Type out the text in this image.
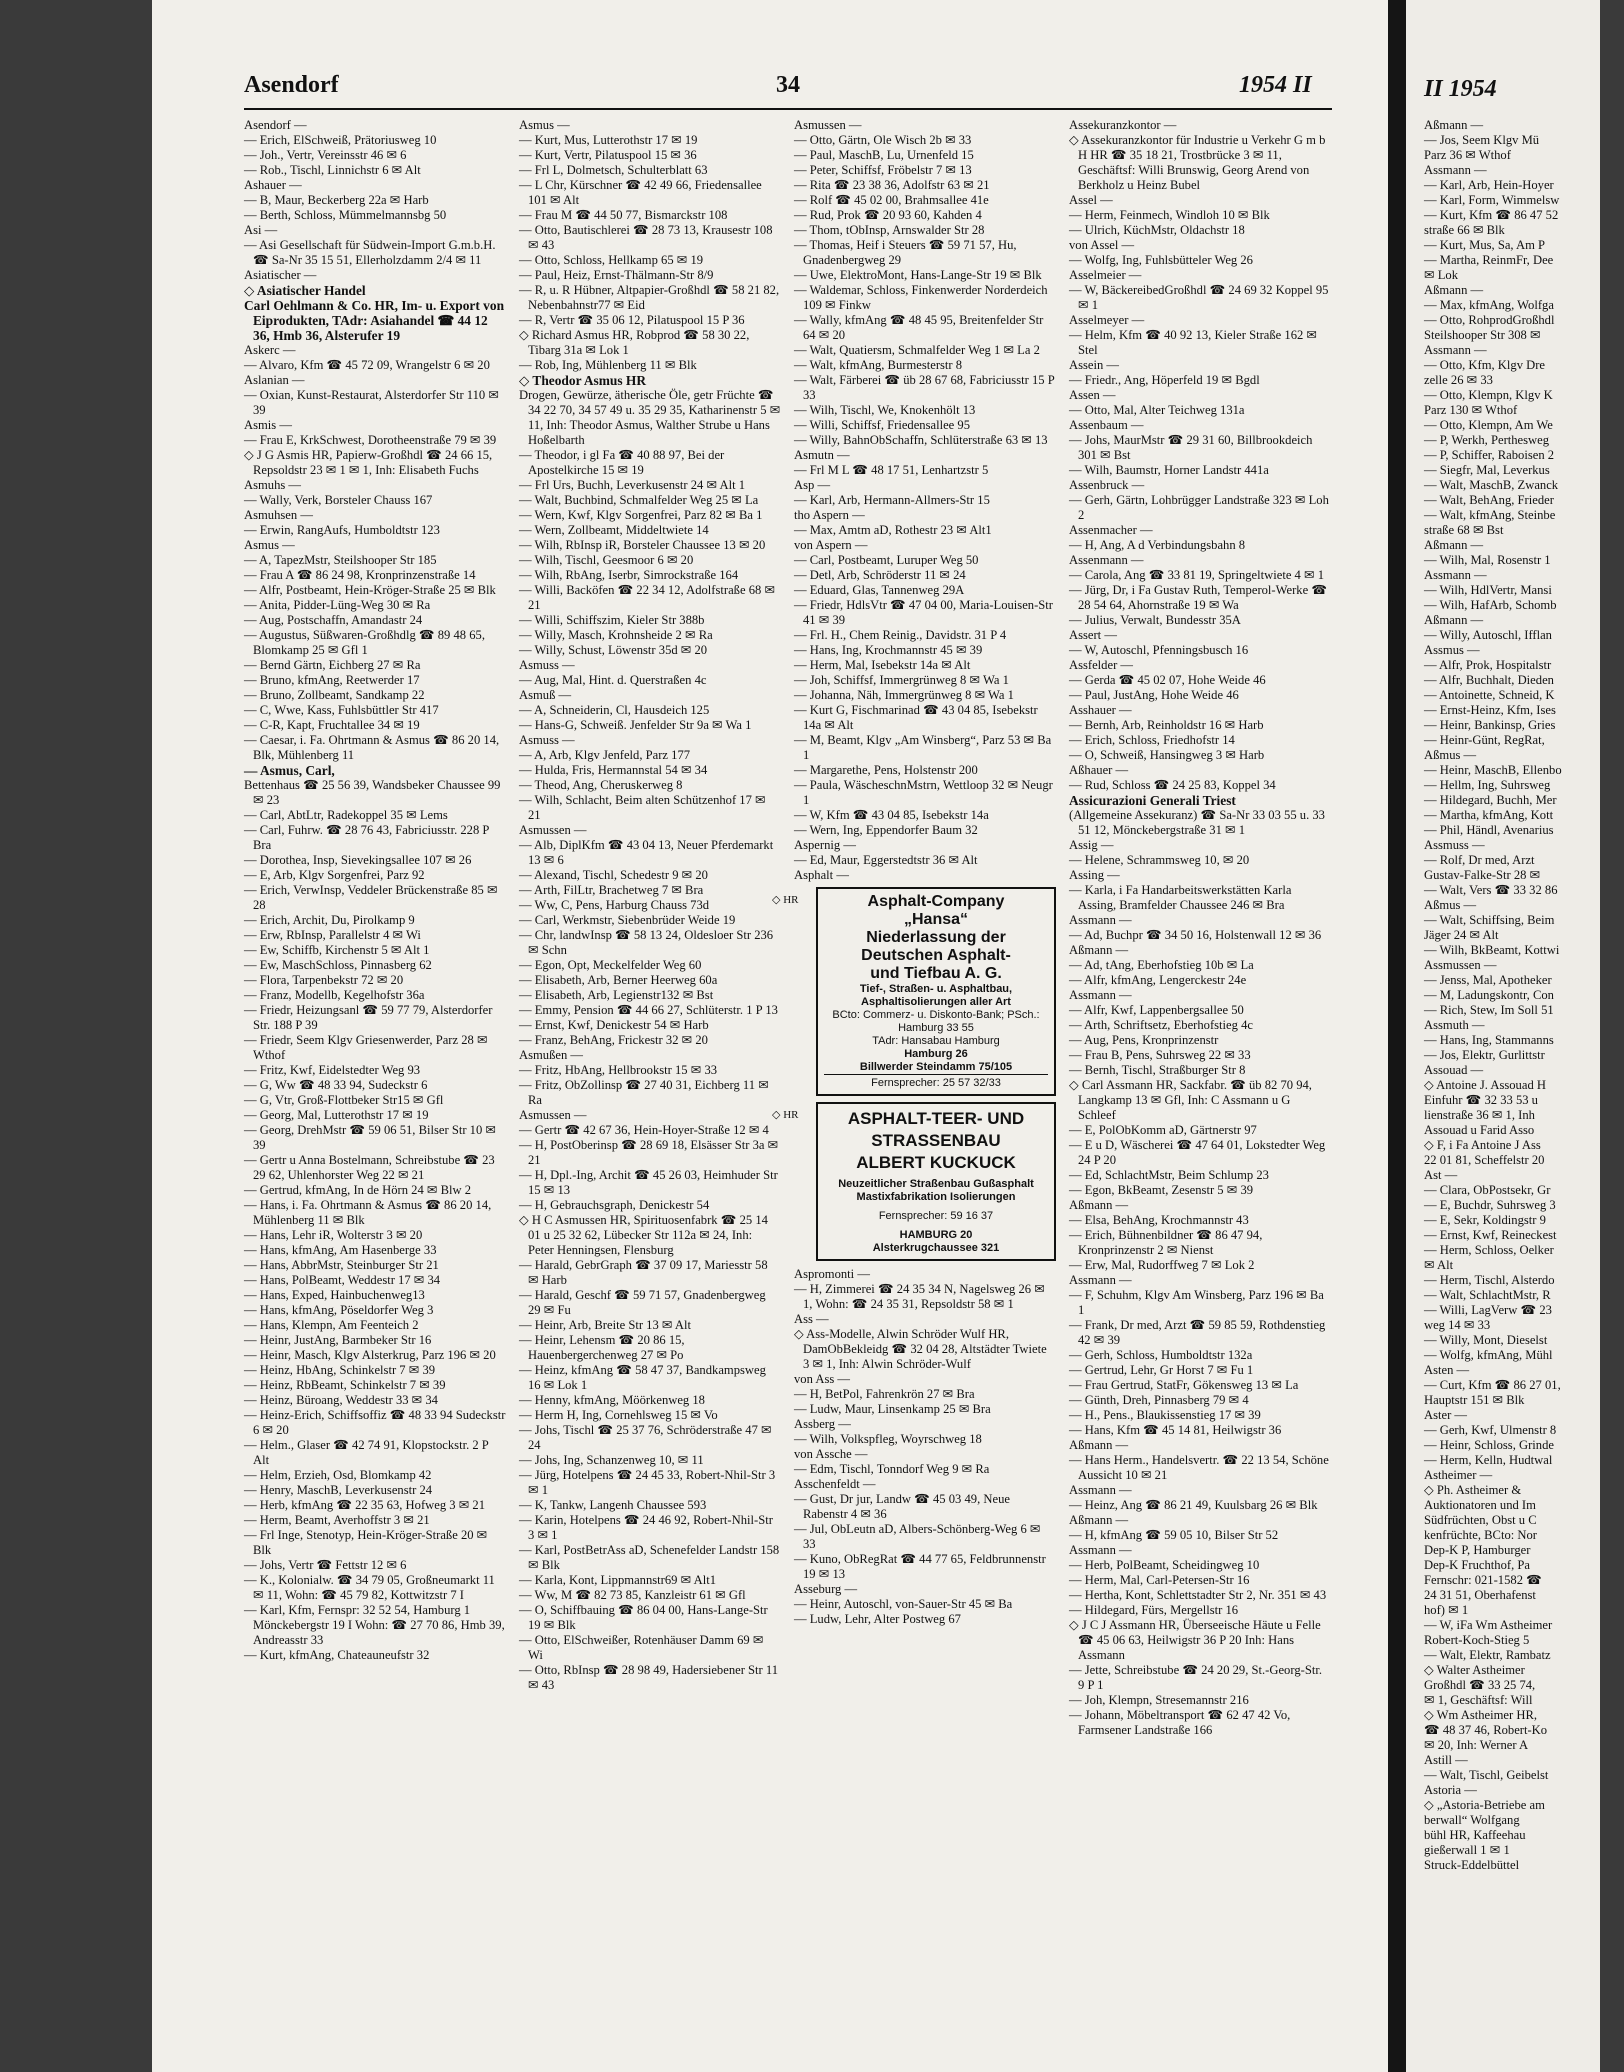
Asendorf	34	1954 II

Asendorf —

— Erich, ElSchweiß, Prätoriusweg 10

— Joh., Vertr, Vereinsstr 46 ✉ 6

— Rob., Tischl, Linnichstr 6 ✉ Alt

Ashauer —

— B, Maur, Beckerberg 22a ✉ Harb

— Berth, Schloss, Mümmelmannsbg 50

Asi —

— Asi Gesellschaft für Südwein-Import G.m.b.H. ☎ Sa-Nr 35 15 51, Ellerholzdamm 2/4 ✉ 11

Asiatischer —

◇ Asiatischer Handel

Carl Oehlmann & Co. HR, Im- u. Export von Eiprodukten, TAdr: Asiahandel ☎ 44 12 36, Hmb 36, Alsterufer 19

Askerc —

— Alvaro, Kfm ☎ 45 72 09, Wrangelstr 6 ✉ 20

Aslanian —

— Oxian, Kunst-Restaurat, Alsterdorfer Str 110 ✉ 39

Asmis —

— Frau E, KrkSchwest, Dorotheenstraße 79 ✉ 39

◇ J G Asmis HR, Papierw-Großhdl ☎ 24 66 15, Repsoldstr 23 ✉ 1 ✉ 1, Inh: Elisabeth Fuchs

Asmuhs —

— Wally, Verk, Borsteler Chauss 167

Asmuhsen —

— Erwin, RangAufs, Humboldtstr 123

Asmus —

— A, TapezMstr, Steilshooper Str 185

— Frau A ☎ 86 24 98, Kronprinzenstraße 14

— Alfr, Postbeamt, Hein-Kröger-Straße 25 ✉ Blk

— Anita, Pidder-Lüng-Weg 30 ✉ Ra

— Aug, Postschaffn, Amandastr 24

— Augustus, Süßwaren-Großhdlg ☎ 89 48 65, Blomkamp 25 ✉ Gfl 1

— Bernd Gärtn, Eichberg 27 ✉ Ra

— Bruno, kfmAng, Reetwerder 17

— Bruno, Zollbeamt, Sandkamp 22

— C, Wwe, Kass, Fuhlsbüttler Str 417

— C-R, Kapt, Fruchtallee 34 ✉ 19

— Caesar, i. Fa. Ohrtmann & Asmus ☎ 86 20 14, Blk, Mühlenberg 11

— Asmus, Carl,

Bettenhaus ☎ 25 56 39, Wandsbeker Chaussee 99 ✉ 23

— Carl, AbtLtr, Radekoppel 35 ✉ Lems

— Carl, Fuhrw. ☎ 28 76 43, Fabriciusstr. 228 P Bra

— Dorothea, Insp, Sievekingsallee 107 ✉ 26

— E, Arb, Klgv Sorgenfrei, Parz 92

— Erich, VerwInsp, Veddeler Brückenstraße 85 ✉ 28

— Erich, Archit, Du, Pirolkamp 9

— Erw, RbInsp, Parallelstr 4 ✉ Wi

— Ew, Schiffb, Kirchenstr 5 ✉ Alt 1

— Ew, MaschSchloss, Pinnasberg 62

— Flora, Tarpenbekstr 72 ✉ 20

— Franz, Modellb, Kegelhofstr 36a

— Friedr, Heizungsanl ☎ 59 77 79, Alsterdorfer Str. 188 P 39

— Friedr, Seem Klgv Griesenwerder, Parz 28 ✉ Wthof

— Fritz, Kwf, Eidelstedter Weg 93

— G, Ww ☎ 48 33 94, Sudeckstr 6

— G, Vtr, Groß-Flottbeker Str15 ✉ Gfl

— Georg, Mal, Lutterothstr 17 ✉ 19

— Georg, DrehMstr ☎ 59 06 51, Bilser Str 10 ✉ 39

— Gertr u Anna Bostelmann, Schreibstube ☎ 23 29 62, Uhlenhorster Weg 22 ✉ 21

— Gertrud, kfmAng, In de Hörn 24 ✉ Blw 2

— Hans, i. Fa. Ohrtmann & Asmus ☎ 86 20 14, Mühlenberg 11 ✉ Blk

— Hans, Lehr iR, Wolterstr 3 ✉ 20

— Hans, kfmAng, Am Hasenberge 33

— Hans, AbbrMstr, Steinburger Str 21

— Hans, PolBeamt, Weddestr 17 ✉ 34

— Hans, Exped, Hainbuchenweg13

— Hans, kfmAng, Pöseldorfer Weg 3

— Hans, Klempn, Am Feenteich 2

— Heinr, JustAng, Barmbeker Str 16

— Heinr, Masch, Klgv Alsterkrug, Parz 196 ✉ 20

— Heinz, HbAng, Schinkelstr 7 ✉ 39

— Heinz, RbBeamt, Schinkelstr 7 ✉ 39

— Heinz, Büroang, Weddestr 33 ✉ 34

— Heinz-Erich, Schiffsoffiz ☎ 48 33 94 Sudeckstr 6 ✉ 20

— Helm., Glaser ☎ 42 74 91, Klopstockstr. 2 P Alt

— Helm, Erzieh, Osd, Blomkamp 42

— Henry, MaschB, Leverkusenstr 24

— Herb, kfmAng ☎ 22 35 63, Hofweg 3 ✉ 21

— Herm, Beamt, Averhoffstr 3 ✉ 21

— Frl Inge, Stenotyp, Hein-Kröger-Straße 20 ✉ Blk

— Johs, Vertr ☎ Fettstr 12 ✉ 6

— K., Kolonialw. ☎ 34 79 05, Großneumarkt 11 ✉ 11, Wohn: ☎ 45 79 82, Kottwitzstr 7 I

— Karl, Kfm, Fernspr: 32 52 54, Hamburg 1 Mönckebergstr 19 I Wohn: ☎ 27 70 86, Hmb 39, Andreasstr 33

— Kurt, kfmAng, Chateauneufstr 32

Asmus —

— Kurt, Mus, Lutterothstr 17 ✉ 19

— Kurt, Vertr, Pilatuspool 15 ✉ 36

— Frl L, Dolmetsch, Schulterblatt 63

— L Chr, Kürschner ☎ 42 49 66, Friedensallee 101 ✉ Alt

— Frau M ☎ 44 50 77, Bismarckstr 108

— Otto, Bautischlerei ☎ 28 73 13, Krausestr 108 ✉ 43

— Otto, Schloss, Hellkamp 65 ✉ 19

— Paul, Heiz, Ernst-Thälmann-Str 8/9

— R, u. R Hübner, Altpapier-Großhdl ☎ 58 21 82, Nebenbahnstr77 ✉ Eid

— R, Vertr ☎ 35 06 12, Pilatuspool 15 P 36

◇ Richard Asmus HR, Robprod ☎ 58 30 22, Tibarg 31a ✉ Lok 1

— Rob, Ing, Mühlenberg 11 ✉ Blk

◇ Theodor Asmus HR

Drogen, Gewürze, ätherische Öle, getr Früchte ☎ 34 22 70, 34 57 49 u. 35 29 35, Katharinenstr 5 ✉ 11, Inh: Theodor Asmus, Walther Strube u Hans Hoßelbarth

— Theodor, i gl Fa ☎ 40 88 97, Bei der Apostelkirche 15 ✉ 19

— Frl Urs, Buchh, Leverkusenstr 24 ✉ Alt 1

— Walt, Buchbind, Schmalfelder Weg 25 ✉ La

— Wern, Kwf, Klgv Sorgenfrei, Parz 82 ✉ Ba 1

— Wern, Zollbeamt, Middeltwiete 14

— Wilh, RbInsp iR, Borsteler Chaussee 13 ✉ 20

— Wilh, Tischl, Geesmoor 6 ✉ 20

— Wilh, RbAng, Iserbr, Simrockstraße 164

— Willi, Backöfen ☎ 22 34 12, Adolfstraße 68 ✉ 21

— Willi, Schiffszim, Kieler Str 388b

— Willy, Masch, Krohnsheide 2 ✉ Ra

— Willy, Schust, Löwenstr 35d ✉ 20

Asmuss —

— Aug, Mal, Hint. d. Querstraßen 4c

Asmuß —

— A, Schneiderin, Cl, Hausdeich 125

— Hans-G, Schweiß. Jenfelder Str 9a ✉ Wa 1

Asmuss —

— A, Arb, Klgv Jenfeld, Parz 177

— Hulda, Fris, Hermannstal 54 ✉ 34

— Theod, Ang, Cheruskerweg 8

— Wilh, Schlacht, Beim alten Schützenhof 17 ✉ 21

Asmussen —

— Alb, DiplKfm ☎ 43 04 13, Neuer Pferdemarkt 13 ✉ 6

— Alexand, Tischl, Schedestr 9 ✉ 20

— Arth, FilLtr, Brachetweg 7 ✉ Bra

— Ww, C, Pens, Harburg Chauss 73d

— Carl, Werkmstr, Siebenbrüder Weide 19

— Chr, landwInsp ☎ 58 13 24, Oldesloer Str 236 ✉ Schn

— Egon, Opt, Meckelfelder Weg 60

— Elisabeth, Arb, Berner Heerweg 60a

— Elisabeth, Arb, Legienstr132 ✉ Bst

— Emmy, Pension ☎ 44 66 27, Schlüterstr. 1 P 13

— Ernst, Kwf, Denickestr 54 ✉ Harb

— Franz, BehAng, Frickestr 32 ✉ 20

Asmußen —

— Fritz, HbAng, Hellbrookstr 15 ✉ 33

— Fritz, ObZollinsp ☎ 27 40 31, Eichberg 11 ✉ Ra

Asmussen —

— Gertr ☎ 42 67 36, Hein-Hoyer-Straße 12 ✉ 4

— H, PostOberinsp ☎ 28 69 18, Elsässer Str 3a ✉ 21

— H, Dpl.-Ing, Archit ☎ 45 26 03, Heimhuder Str 15 ✉ 13

— H, Gebrauchsgraph, Denickestr 54

◇ H C Asmussen HR, Spirituosenfabrk ☎ 25 14 01 u 25 32 62, Lübecker Str 112a ✉ 24, Inh: Peter Henningsen, Flensburg

— Harald, GebrGraph ☎ 37 09 17, Mariesstr 58 ✉ Harb

— Harald, Geschf ☎ 59 71 57, Gnadenbergweg 29 ✉ Fu

— Heinr, Arb, Breite Str 13 ✉ Alt

— Heinr, Lehensm ☎ 20 86 15, Hauenbergerchenweg 27 ✉ Po

— Heinz, kfmAng ☎ 58 47 37, Bandkampsweg 16 ✉ Lok 1

— Henny, kfmAng, Möörkenweg 18

— Herm H, Ing, Cornehlsweg 15 ✉ Vo

— Johs, Tischl ☎ 25 37 76, Schröderstraße 47 ✉ 24

— Johs, Ing, Schanzenweg 10, ✉ 11

— Jürg, Hotelpens ☎ 24 45 33, Robert-Nhil-Str 3 ✉ 1

— K, Tankw, Langenh Chaussee 593

— Karin, Hotelpens ☎ 24 46 92, Robert-Nhil-Str 3 ✉ 1

— Karl, PostBetrAss aD, Schenefelder Landstr 158 ✉ Blk

— Karla, Kont, Lippmannstr69 ✉ Alt1

— Ww, M ☎ 82 73 85, Kanzleistr 61 ✉ Gfl

— O, Schiffbauing ☎ 86 04 00, Hans-Lange-Str 19 ✉ Blk

— Otto, ElSchweißer, Rotenhäuser Damm 69 ✉ Wi

— Otto, RbInsp ☎ 28 98 49, Hadersiebener Str 11 ✉ 43

Asmussen —

— Otto, Gärtn, Ole Wisch 2b ✉ 33

— Paul, MaschB, Lu, Urnenfeld 15

— Peter, Schiffsf, Fröbelstr 7 ✉ 13

— Rita ☎ 23 38 36, Adolfstr 63 ✉ 21

— Rolf ☎ 45 02 00, Brahmsallee 41e

— Rud, Prok ☎ 20 93 60, Kahden 4

— Thom, tObInsp, Arnswalder Str 28

— Thomas, Heif i Steuers ☎ 59 71 57, Hu, Gnadenbergweg 29

— Uwe, ElektroMont, Hans-Lange-Str 19 ✉ Blk

— Waldemar, Schloss, Finkenwerder Norderdeich 109 ✉ Finkw

— Wally, kfmAng ☎ 48 45 95, Breitenfelder Str 64 ✉ 20

— Walt, Quatiersm, Schmalfelder Weg 1 ✉ La 2

— Walt, kfmAng, Burmesterstr 8

— Walt, Färberei ☎ üb 28 67 68, Fabriciusstr 15 P 33

— Wilh, Tischl, We, Knokenhölt 13

— Willi, Schiffsf, Friedensallee 95

— Willy, BahnObSchaffn, Schlüterstraße 63 ✉ 13

Asmutn —

— Frl M L ☎ 48 17 51, Lenhartzstr 5

Asp —

— Karl, Arb, Hermann-Allmers-Str 15

tho Aspern —

— Max, Amtm aD, Rothestr 23 ✉ Alt1

von Aspern —

— Carl, Postbeamt, Luruper Weg 50

— Detl, Arb, Schröderstr 11 ✉ 24

— Eduard, Glas, Tannenweg 29A

— Friedr, HdlsVtr ☎ 47 04 00, Maria-Louisen-Str 41 ✉ 39

— Frl. H., Chem Reinig., Davidstr. 31 P 4

— Hans, Ing, Krochmannstr 45 ✉ 39

— Herm, Mal, Isebekstr 14a ✉ Alt

— Joh, Schiffsf, Immergrünweg 8 ✉ Wa 1

— Johanna, Näh, Immergrünweg 8 ✉ Wa 1

— Kurt G, Fischmarinad ☎ 43 04 85, Isebekstr 14a ✉ Alt

— M, Beamt, Klgv „Am Winsberg“, Parz 53 ✉ Ba 1

— Margarethe, Pens, Holstenstr 200

— Paula, WäscheschnMstrn, Wettloop 32 ✉ Neugr 1

— W, Kfm ☎ 43 04 85, Isebekstr 14a

— Wern, Ing, Eppendorfer Baum 32

Aspernig —

— Ed, Maur, Eggerstedtstr 36 ✉ Alt

Asphalt —

◇ HR	Asphalt-Company

„Hansa“

Niederlassung der

Deutschen Asphalt-

und Tiefbau A. G.

Tief-, Straßen- u. Asphaltbau, Asphaltisolierungen aller Art

BCto: Commerz- u. Diskonto-Bank; PSch.: Hamburg 33 55

TAdr: Hansabau Hamburg

Hamburg 26

Billwerder Steindamm 75/105

Fernsprecher: 25 57 32/33

◇ HR	ASPHALT-TEER- UND

STRASSENBAU

ALBERT KUCKUCK

Neuzeitlicher Straßenbau Gußasphalt Mastixfabrikation Isolierungen

Fernsprecher: 59 16 37

HAMBURG 20

Alsterkrugchaussee 321

Aspromonti —

— H, Zimmerei ☎ 24 35 34 N, Nagelsweg 26 ✉ 1, Wohn: ☎ 24 35 31, Repsoldstr 58 ✉ 1

Ass —

◇ Ass-Modelle, Alwin Schröder Wulf HR, DamObBekleidg ☎ 32 04 28, Altstädter Twiete 3 ✉ 1, Inh: Alwin Schröder-Wulf

von Ass —

— H, BetPol, Fahrenkrön 27 ✉ Bra

— Ludw, Maur, Linsenkamp 25 ✉ Bra

Assberg —

— Wilh, Volkspfleg, Woyrschweg 18

von Assche —

— Edm, Tischl, Tonndorf Weg 9 ✉ Ra

Asschenfeldt —

— Gust, Dr jur, Landw ☎ 45 03 49, Neue Rabenstr 4 ✉ 36

— Jul, ObLeutn aD, Albers-Schönberg-Weg 6 ✉ 33

— Kuno, ObRegRat ☎ 44 77 65, Feldbrunnenstr 19 ✉ 13

Asseburg —

— Heinr, Autoschl, von-Sauer-Str 45 ✉ Ba

— Ludw, Lehr, Alter Postweg 67

Assekuranzkontor —

◇ Assekuranzkontor für Industrie u Verkehr G m b H HR ☎ 35 18 21, Trostbrücke 3 ✉ 11, Geschäftsf: Willi Brunswig, Georg Arend von Berkholz u Heinz Bubel

Assel —

— Herm, Feinmech, Windloh 10 ✉ Blk

— Ulrich, KüchMstr, Oldachstr 18

von Assel —

— Wolfg, Ing, Fuhlsbütteler Weg 26

Asselmeier —

— W, BäckereibedGroßhdl ☎ 24 69 32 Koppel 95 ✉ 1

Asselmeyer —

— Helm, Kfm ☎ 40 92 13, Kieler Straße 162 ✉ Stel

Assein —

— Friedr., Ang, Höperfeld 19 ✉ Bgdl

Assen —

— Otto, Mal, Alter Teichweg 131a

Assenbaum —

— Johs, MaurMstr ☎ 29 31 60, Billbrookdeich 301 ✉ Bst

— Wilh, Baumstr, Horner Landstr 441a

Assenbruck —

— Gerh, Gärtn, Lohbrügger Landstraße 323 ✉ Loh 2

Assenmacher —

— H, Ang, A d Verbindungsbahn 8

Assenmann —

— Carola, Ang ☎ 33 81 19, Springeltwiete 4 ✉ 1

— Jürg, Dr, i Fa Gustav Ruth, Temperol-Werke ☎ 28 54 64, Ahornstraße 19 ✉ Wa

— Julius, Verwalt, Bundesstr 35A

Assert —

— W, Autoschl, Pfenningsbusch 16

Assfelder —

— Gerda ☎ 45 02 07, Hohe Weide 46

— Paul, JustAng, Hohe Weide 46

Asshauer —

— Bernh, Arb, Reinholdstr 16 ✉ Harb

— Erich, Schloss, Friedhofstr 14

— O, Schweiß, Hansingweg 3 ✉ Harb

Aßhauer —

— Rud, Schloss ☎ 24 25 83, Koppel 34

Assicurazioni Generali Triest

(Allgemeine Assekuranz) ☎ Sa-Nr 33 03 55 u. 33 51 12, Mönckebergstraße 31 ✉ 1

Assig —

— Helene, Schrammsweg 10, ✉ 20

Assing —

— Karla, i Fa Handarbeitswerkstätten Karla Assing, Bramfelder Chaussee 246 ✉ Bra

Assmann —

— Ad, Buchpr ☎ 34 50 16, Holstenwall 12 ✉ 36

Aßmann —

— Ad, tAng, Eberhofstieg 10b ✉ La

— Alfr, kfmAng, Lengerckestr 24e

Assmann —

— Alfr, Kwf, Lappenbergsallee 50

— Arth, Schriftsetz, Eberhofstieg 4c

— Aug, Pens, Kronprinzenstr

— Frau B, Pens, Suhrsweg 22 ✉ 33

— Bernh, Tischl, Straßburger Str 8

◇ Carl Assmann HR, Sackfabr. ☎ üb 82 70 94, Langkamp 13 ✉ Gfl, Inh: C Assmann u G Schleef

— E, PolObKomm aD, Gärtnerstr 97

— E u D, Wäscherei ☎ 47 64 01, Lokstedter Weg 24 P 20

— Ed, SchlachtMstr, Beim Schlump 23

— Egon, BkBeamt, Zesenstr 5 ✉ 39

Aßmann —

— Elsa, BehAng, Krochmannstr 43

— Erich, Bühnenbildner ☎ 86 47 94, Kronprinzenstr 2 ✉ Nienst

— Erw, Mal, Rudorffweg 7 ✉ Lok 2

Assmann —

— F, Schuhm, Klgv Am Winsberg, Parz 196 ✉ Ba 1

— Frank, Dr med, Arzt ☎ 59 85 59, Rothdenstieg 42 ✉ 39

— Gerh, Schloss, Humboldtstr 132a

— Gertrud, Lehr, Gr Horst 7 ✉ Fu 1

— Frau Gertrud, StatFr, Gökensweg 13 ✉ La

— Günth, Dreh, Pinnasberg 79 ✉ 4

— H., Pens., Blaukissenstieg 17 ✉ 39

— Hans, Kfm ☎ 45 14 81, Heilwigstr 36

Aßmann —

— Hans Herm., Handelsvertr. ☎ 22 13 54, Schöne Aussicht 10 ✉ 21

Assmann —

— Heinz, Ang ☎ 86 21 49, Kuulsbarg 26 ✉ Blk

Aßmann —

— H, kfmAng ☎ 59 05 10, Bilser Str 52

Assmann —

— Herb, PolBeamt, Scheidingweg 10

— Herm, Mal, Carl-Petersen-Str 16

— Hertha, Kont, Schlettstadter Str 2, Nr. 351 ✉ 43

— Hildegard, Fürs, Mergellstr 16

◇ J C J Assmann HR, Überseeische Häute u Felle ☎ 45 06 63, Heilwigstr 36 P 20 Inh: Hans Assmann

— Jette, Schreibstube ☎ 24 20 29, St.-Georg-Str. 9 P 1

— Joh, Klempn, Stresemannstr 216

— Johann, Möbeltransport ☎ 62 47 42 Vo, Farmsener Landstraße 166

II 1954

Aßmann —

— Jos, Seem Klgv Mü

Parz 36 ✉ Wthof

Assmann —

— Karl, Arb, Hein-Hoyer

— Karl, Form, Wimmelsw

— Kurt, Kfm ☎ 86 47 52

straße 66 ✉ Blk

— Kurt, Mus, Sa, Am P

— Martha, ReinmFr, Dee

✉ Lok

Aßmann —

— Max, kfmAng, Wolfga

— Otto, RohprodGroßhdl

Steilshooper Str 308 ✉

Assmann —

— Otto, Kfm, Klgv Dre

zelle 26 ✉ 33

— Otto, Klempn, Klgv K

Parz 130 ✉ Wthof

— Otto, Klempn, Am We

— P, Werkh, Perthesweg

— P, Schiffer, Raboisen 2

— Siegfr, Mal, Leverkus

— Walt, MaschB, Zwanck

— Walt, BehAng, Frieder

— Walt, kfmAng, Steinbe

straße 68 ✉ Bst

Aßmann —

— Wilh, Mal, Rosenstr 1

Assmann —

— Wilh, HdlVertr, Mansi

— Wilh, HafArb, Schomb

Aßmann —

— Willy, Autoschl, Ifflan

Assmus —

— Alfr, Prok, Hospitalstr

— Alfr, Buchhalt, Dieden

— Antoinette, Schneid, K

— Ernst-Heinz, Kfm, Ises

— Heinr, Bankinsp, Gries

— Heinr-Günt, RegRat,

Aßmus —

— Heinr, MaschB, Ellenbo

— Hellm, Ing, Suhrsweg

— Hildegard, Buchh, Mer

— Martha, kfmAng, Kott

— Phil, Händl, Avenarius

Assmuss —

— Rolf, Dr med, Arzt

Gustav-Falke-Str 28 ✉

— Walt, Vers ☎ 33 32 86

Aßmus —

— Walt, Schiffsing, Beim

Jäger 24 ✉ Alt

— Wilh, BkBeamt, Kottwi

Assmussen —

— Jenss, Mal, Apotheker

— M, Ladungskontr, Con

— Rich, Stew, Im Soll 51

Assmuth —

— Hans, Ing, Stammanns

— Jos, Elektr, Gurlittstr

Assouad —

◇ Antoine J. Assouad H

Einfuhr ☎ 32 33 53 u

lienstraße 36 ✉ 1, Inh

Assouad u Farid Asso

◇ F, i Fa Antoine J Ass

22 01 81, Scheffelstr 20

Ast —

— Clara, ObPostsekr, Gr

— E, Buchdr, Suhrsweg 3

— E, Sekr, Koldingstr 9

— Ernst, Kwf, Reineckest

— Herm, Schloss, Oelker

✉ Alt

— Herm, Tischl, Alsterdo

— Walt, SchlachtMstr, R

— Willi, LagVerw ☎ 23

weg 14 ✉ 33

— Willy, Mont, Dieselst

— Wolfg, kfmAng, Mühl

Asten —

— Curt, Kfm ☎ 86 27 01,

Hauptstr 151 ✉ Blk

Aster —

— Gerh, Kwf, Ulmenstr 8

— Heinr, Schloss, Grinde

— Herm, Kelln, Hudtwal

Astheimer —

◇ Ph. Astheimer &

Auktionatoren und Im

Südfrüchten, Obst u C

kenfrüchte, BCto: Nor

Dep-K P, Hamburger

Dep-K Fruchthof, Pa

Fernschr: 021-1582 ☎

24 31 51, Oberhafenst

hof) ✉ 1

— W, iFa Wm Astheimer

Robert-Koch-Stieg 5

— Walt, Elektr, Rambatz

◇ Walter Astheimer

Großhdl ☎ 33 25 74,

✉ 1, Geschäftsf: Will

◇ Wm Astheimer HR,

☎ 48 37 46, Robert-Ko

✉ 20, Inh: Werner A

Astill —

— Walt, Tischl, Geibelst

Astoria —

◇ „Astoria-Betriebe am

berwall“ Wolfgang

bühl HR, Kaffeehau

gießerwall 1 ✉ 1

Struck-Eddelbüttel
